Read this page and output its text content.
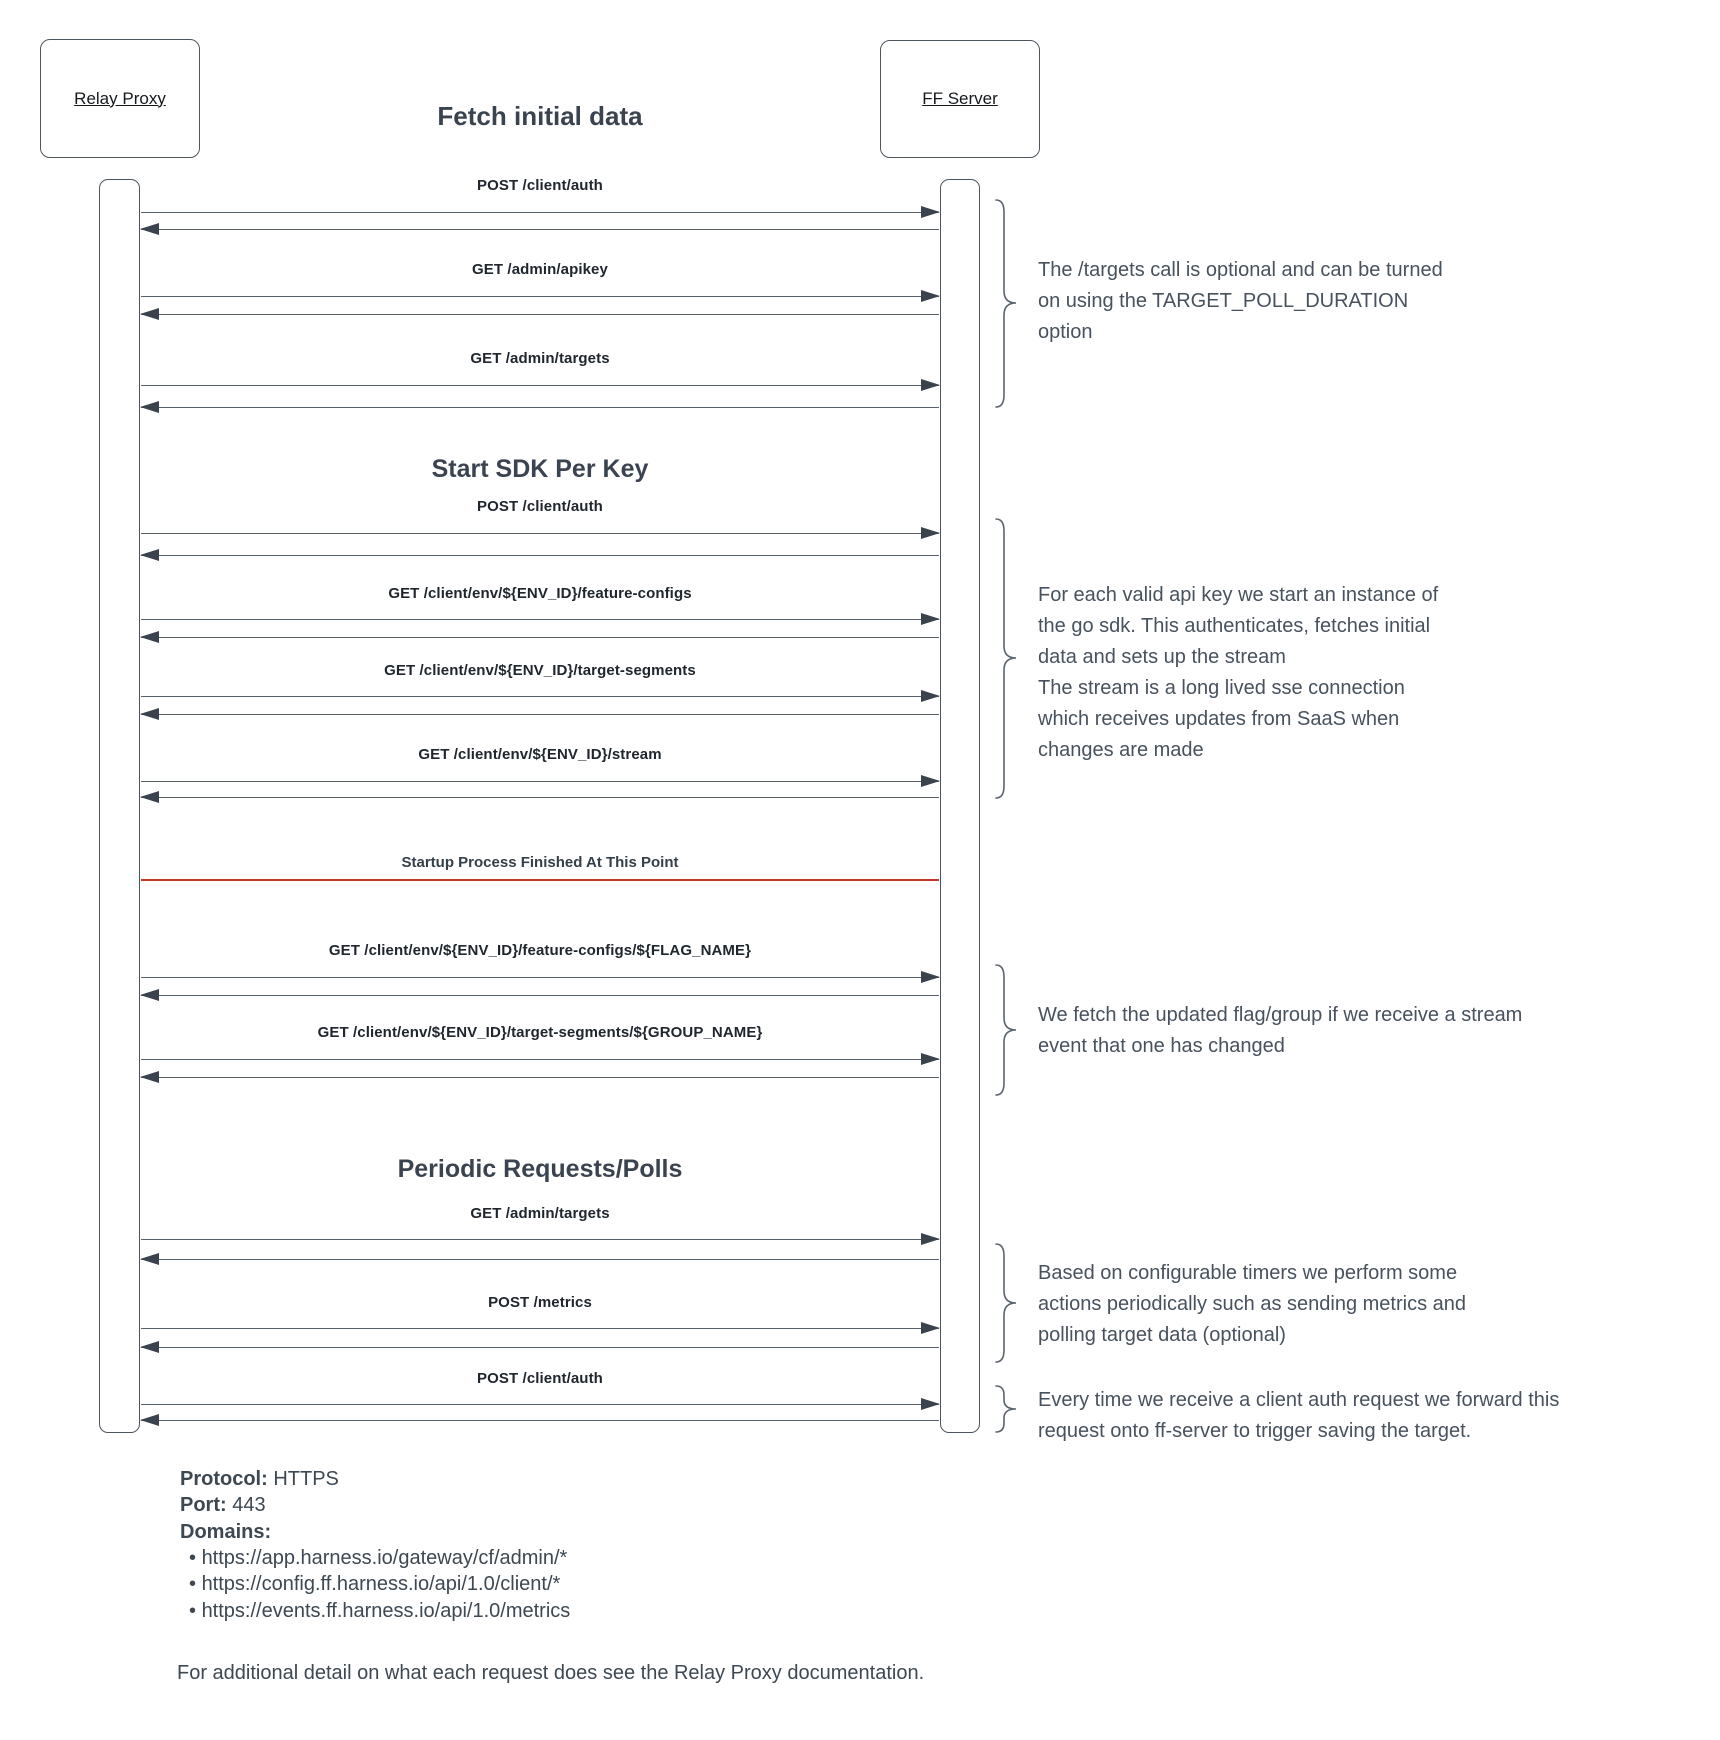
Relay Proxy	FF Server
Fetch initial data
POST /client/auth
GET /admin/apikey
GET /admin/targets
Start SDK Per Key
POST /client/auth
GET /client/env/${ENV_ID}/feature-configs
GET /client/env/${ENV_ID}/target-segments
GET /client/env/${ENV_ID}/stream
Startup Process Finished At This Point
GET /client/env/${ENV_ID}/feature-configs/${FLAG_NAME}
GET /client/env/${ENV_ID}/target-segments/${GROUP_NAME}
Periodic Requests/Polls
GET /admin/targets
POST /metrics
POST /client/auth
The /targets call is optional and can be turned
on using the TARGET_POLL_DURATION
option
For each valid api key we start an instance of
the go sdk. This authenticates, fetches initial
data and sets up the stream
The stream is a long lived sse connection
which receives updates from SaaS when
changes are made
We fetch the updated flag/group if we receive a stream
event that one has changed
Based on configurable timers we perform some
actions periodically such as sending metrics and
polling target data (optional)
Every time we receive a client auth request we forward this
request onto ff-server to trigger saving the target.
Protocol: HTTPS
Port: 443
Domains:
• https://app.harness.io/gateway/cf/admin/*
• https://config.ff.harness.io/api/1.0/client/*
• https://events.ff.harness.io/api/1.0/metrics
For additional detail on what each request does see the Relay Proxy documentation.
